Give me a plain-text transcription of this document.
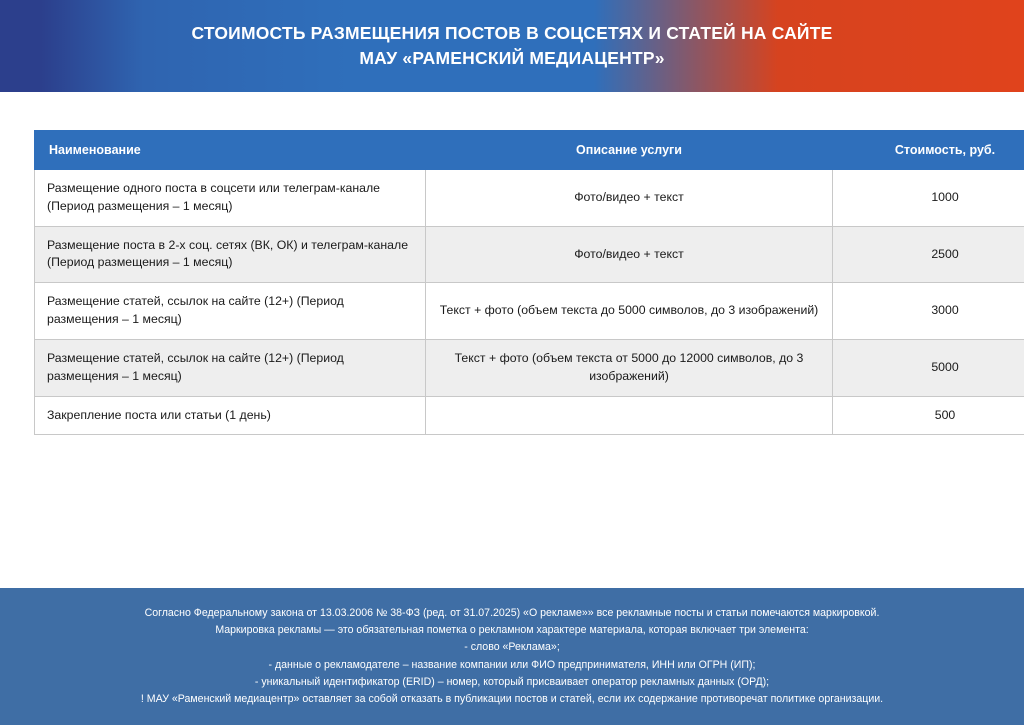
СТОИМОСТЬ РАЗМЕЩЕНИЯ ПОСТОВ В СОЦСЕТЯХ И СТАТЕЙ НА САЙТЕ
МАУ «РАМЕНСКИЙ МЕДИАЦЕНТР»
Наименование	Описание услуги	Стоимость, руб.
Размещение одного поста в соцсети или телеграм-канале (Период размещения – 1 месяц)	Фото/видео + текст	1000
Размещение поста в 2-х соц. сетях (ВК, ОК) и телеграм-канале (Период размещения – 1 месяц)	Фото/видео + текст	2500
Размещение статей, ссылок на сайте (12+) (Период размещения – 1 месяц)	Текст + фото (объем текста до 5000 символов, до 3 изображений)	3000
Размещение статей, ссылок на сайте (12+) (Период размещения – 1 месяц)	Текст + фото (объем текста от 5000 до 12000 символов, до 3 изображений)	5000
Закрепление поста или статьи (1 день)		500

Согласно Федеральному закона от 13.03.2006 № 38-ФЗ (ред. от 31.07.2025) «О рекламе»» все рекламные посты и статьи помечаются маркировкой.

Маркировка рекламы — это обязательная пометка о рекламном характере материала, которая включает три элемента:

- слово «Реклама»;

- данные о рекламодателе – название компании или ФИО предпринимателя, ИНН или ОГРН (ИП);

- уникальный идентификатор (ERID) – номер, который присваивает оператор рекламных данных (ОРД);

! МАУ «Раменский медиацентр» оставляет за собой отказать в публикации постов и статей, если их содержание противоречат политике организации.
